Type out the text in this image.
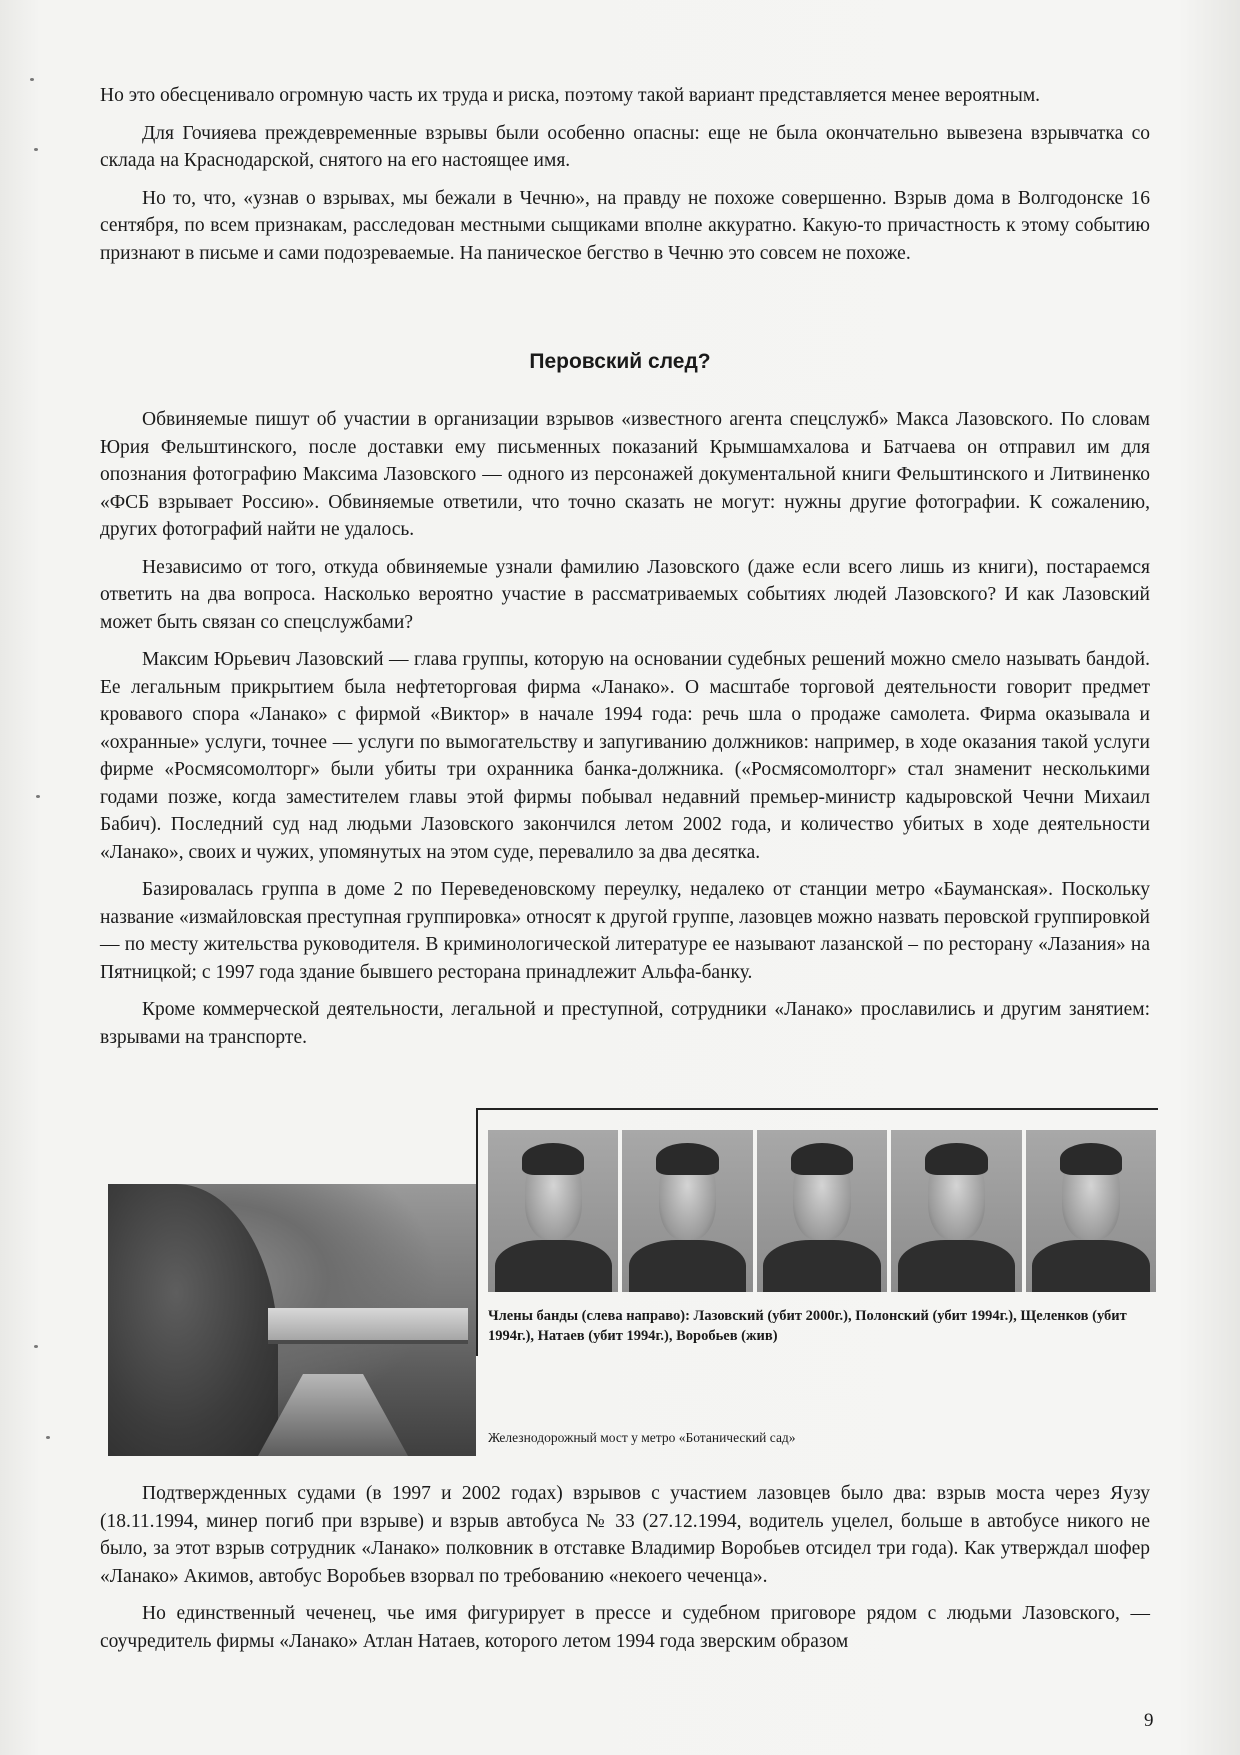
Но это обесценивало огромную часть их труда и риска, поэтому такой вариант представляется менее вероятным.

Для Гочияева преждевременные взрывы были особенно опасны: еще не была окончательно вывезена взрывчатка со склада на Краснодарской, снятого на его настоящее имя.

Но то, что, «узнав о взрывах, мы бежали в Чечню», на правду не похоже совершенно. Взрыв дома в Волгодонске 16 сентября, по всем признакам, расследован местными сыщиками вполне аккуратно. Какую-то причастность к этому событию признают в письме и сами подозреваемые. На паническое бегство в Чечню это совсем не похоже.

Перовский след?

Обвиняемые пишут об участии в организации взрывов «известного агента спецслужб» Макса Лазовского. По словам Юрия Фельштинского, после доставки ему письменных показаний Крымшамхалова и Батчаева он отправил им для опознания фотографию Максима Лазовского — одного из персонажей документальной книги Фельштинского и Литвиненко «ФСБ взрывает Россию». Обвиняемые ответили, что точно сказать не могут: нужны другие фотографии. К сожалению, других фотографий найти не удалось.

Независимо от того, откуда обвиняемые узнали фамилию Лазовского (даже если всего лишь из книги), постараемся ответить на два вопроса. Насколько вероятно участие в рассматриваемых событиях людей Лазовского? И как Лазовский может быть связан со спецслужбами?

Максим Юрьевич Лазовский — глава группы, которую на основании судебных решений можно смело называть бандой. Ее легальным прикрытием была нефтеторговая фирма «Ланако». О масштабе торговой деятельности говорит предмет кровавого спора «Ланако» с фирмой «Виктор» в начале 1994 года: речь шла о продаже самолета. Фирма оказывала и «охранные» услуги, точнее — услуги по вымогательству и запугиванию должников: например, в ходе оказания такой услуги фирме «Росмясомолторг» были убиты три охранника банка-должника. («Росмясомолторг» стал знаменит несколькими годами позже, когда заместителем главы этой фирмы побывал недавний премьер-министр кадыровской Чечни Михаил Бабич). Последний суд над людьми Лазовского закончился летом 2002 года, и количество убитых в ходе деятельности «Ланако», своих и чужих, упомянутых на этом суде, перевалило за два десятка.

Базировалась группа в доме 2 по Переведеновскому переулку, недалеко от станции метро «Бауманская». Поскольку название «измайловская преступная группировка» относят к другой группе, лазовцев можно назвать перовской группировкой — по месту жительства руководителя. В криминологической литературе ее называют лазанской – по ресторану «Лазания» на Пятницкой; с 1997 года здание бывшего ресторана принадлежит Альфа-банку.

Кроме коммерческой деятельности, легальной и преступной, сотрудники «Ланако» прославились и другим занятием: взрывами на транспорте.

Члены банды (слева направо): Лазовский (убит 2000г.), Полонский (убит 1994г.), Щеленков (убит 1994г.), Натаев (убит 1994г.), Воробьев (жив)
Железнодорожный мост у метро «Ботанический сад»

Подтвержденных судами (в 1997 и 2002 годах) взрывов с участием лазовцев было два: взрыв моста через Яузу (18.11.1994, минер погиб при взрыве) и взрыв автобуса № 33 (27.12.1994, водитель уцелел, больше в автобусе никого не было, за этот взрыв сотрудник «Ланако» полковник в отставке Владимир Воробьев отсидел три года). Как утверждал шофер «Ланако» Акимов, автобус Воробьев взорвал по требованию «некоего чеченца».

Но единственный чеченец, чье имя фигурирует в прессе и судебном приговоре рядом с людьми Лазовского, — соучредитель фирмы «Ланако» Атлан Натаев, которого летом 1994 года зверским образом

9
